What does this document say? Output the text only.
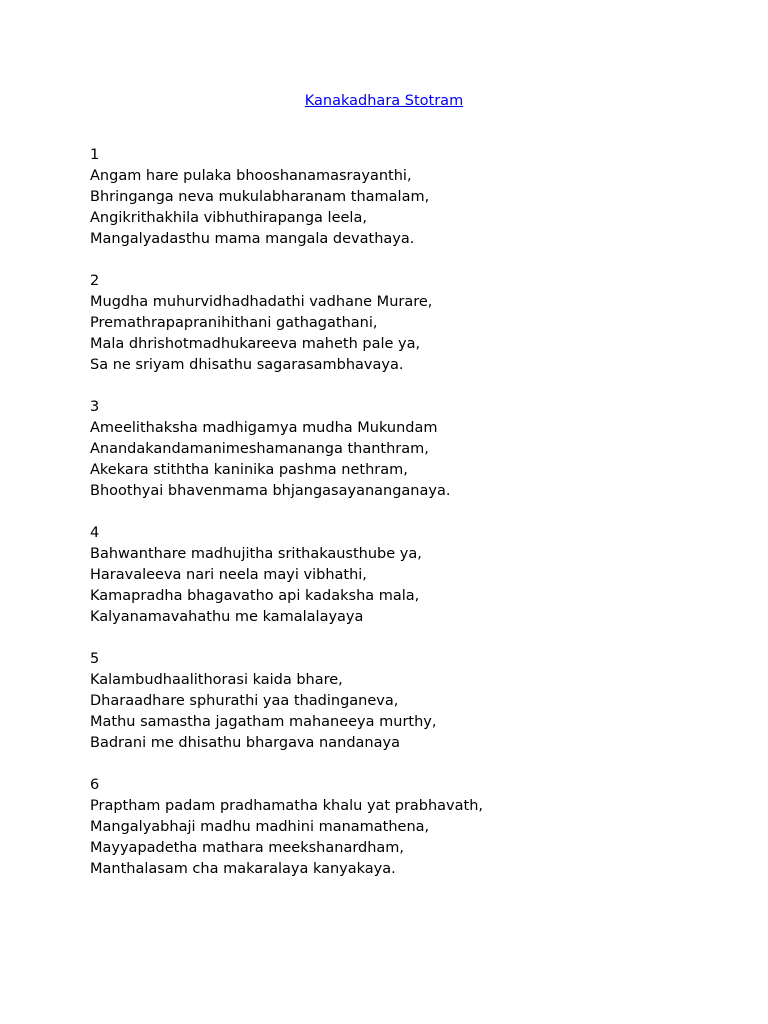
Kanakadhara Stotram
1
Angam hare pulaka bhooshanamasrayanthi,
Bhringanga neva mukulabharanam thamalam,
Angikrithakhila vibhuthirapanga leela,
Mangalyadasthu mama mangala devathaya.
2
Mugdha muhurvidhadhadathi vadhane Murare,
Premathrapapranihithani gathagathani,
Mala dhrishotmadhukareeva maheth pale ya,
Sa ne sriyam dhisathu sagarasambhavaya.
3
Ameelithaksha madhigamya mudha Mukundam
Anandakandamanimeshamananga thanthram,
Akekara stiththa kaninika pashma nethram,
Bhoothyai bhavenmama bhjangasayananganaya.
4
Bahwanthare madhujitha srithakausthube ya,
Haravaleeva nari neela mayi vibhathi,
Kamapradha bhagavatho api kadaksha mala,
Kalyanamavahathu me kamalalayaya
5
Kalambudhaalithorasi kaida bhare,
Dharaadhare sphurathi yaa thadinganeva,
Mathu samastha jagatham mahaneeya murthy,
Badrani me dhisathu bhargava nandanaya
6
Praptham padam pradhamatha khalu yat prabhavath,
Mangalyabhaji madhu madhini manamathena,
Mayyapadetha mathara meekshanardham,
Manthalasam cha makaralaya kanyakaya.
